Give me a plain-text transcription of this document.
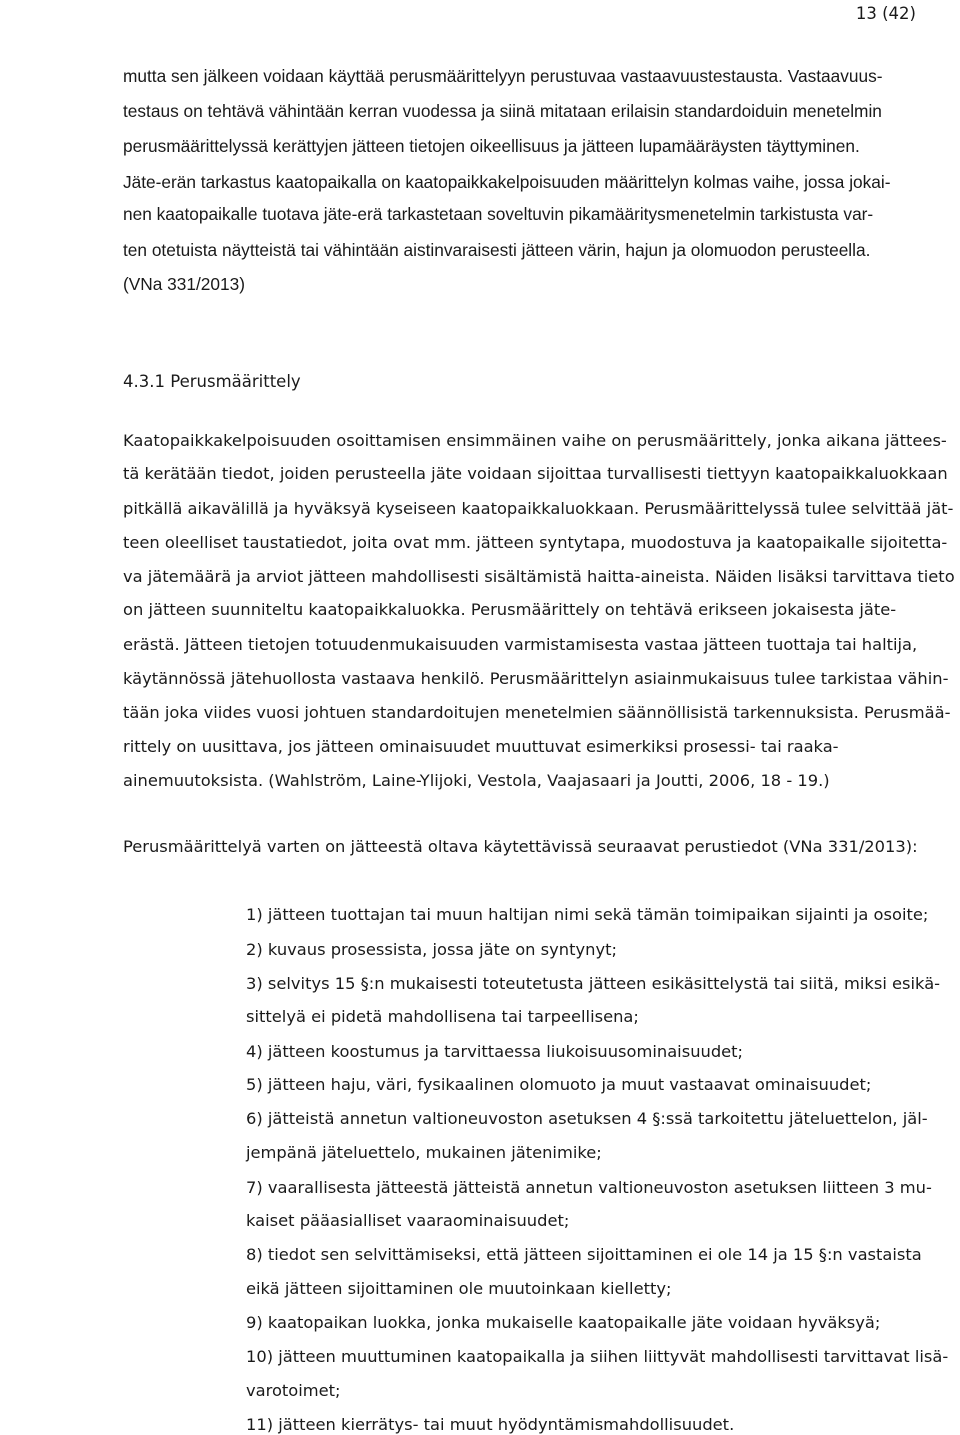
13 (42)
mutta sen jälkeen voidaan käyttää perusmäärittelyyn perustuvaa vastaavuustestausta. Vastaavuus-
testaus on tehtävä vähintään kerran vuodessa ja siinä mitataan erilaisin standardoiduin menetelmin
perusmäärittelyssä kerättyjen jätteen tietojen oikeellisuus ja jätteen lupamääräysten täyttyminen.
Jäte-erän tarkastus kaatopaikalla on kaatopaikkakelpoisuuden määrittelyn kolmas vaihe, jossa jokai-
nen kaatopaikalle tuotava jäte-erä tarkastetaan soveltuvin pikamääritysmenetelmin tarkistusta var-
ten otetuista näytteistä tai vähintään aistinvaraisesti jätteen värin, hajun ja olomuodon perusteella.
(VNa 331/2013)
4.3.1 Perusmäärittely
Kaatopaikkakelpoisuuden osoittamisen ensimmäinen vaihe on perusmäärittely, jonka aikana jättees-
tä kerätään tiedot, joiden perusteella jäte voidaan sijoittaa turvallisesti tiettyyn kaatopaikkaluokkaan
pitkällä aikavälillä ja hyväksyä kyseiseen kaatopaikkaluokkaan. Perusmäärittelyssä tulee selvittää jät-
teen oleelliset taustatiedot, joita ovat mm. jätteen syntytapa, muodostuva ja kaatopaikalle sijoitetta-
va jätemäärä ja arviot jätteen mahdollisesti sisältämistä haitta-aineista. Näiden lisäksi tarvittava tieto
on jätteen suunniteltu kaatopaikkaluokka. Perusmäärittely on tehtävä erikseen jokaisesta jäte-
erästä. Jätteen tietojen totuudenmukaisuuden varmistamisesta vastaa jätteen tuottaja tai haltija,
käytännössä jätehuollosta vastaava henkilö. Perusmäärittelyn asiainmukaisuus tulee tarkistaa vähin-
tään joka viides vuosi johtuen standardoitujen menetelmien säännöllisistä tarkennuksista. Perusmää-
rittely on uusittava, jos jätteen ominaisuudet muuttuvat esimerkiksi prosessi- tai raaka-
ainemuutoksista. (Wahlström, Laine-Ylijoki, Vestola, Vaajasaari ja Joutti, 2006, 18 - 19.)
Perusmäärittelyä varten on jätteestä oltava käytettävissä seuraavat perustiedot (VNa 331/2013):
1) jätteen tuottajan tai muun haltijan nimi sekä tämän toimipaikan sijainti ja osoite;
2) kuvaus prosessista, jossa jäte on syntynyt;
3) selvitys 15 §:n mukaisesti toteutetusta jätteen esikäsittelystä tai siitä, miksi esikä-
sittelyä ei pidetä mahdollisena tai tarpeellisena;
4) jätteen koostumus ja tarvittaessa liukoisuusominaisuudet;
5) jätteen haju, väri, fysikaalinen olomuoto ja muut vastaavat ominaisuudet;
6) jätteistä annetun valtioneuvoston asetuksen 4 §:ssä tarkoitettu jäteluettelon, jäl-
jempänä jäteluettelo, mukainen jätenimike;
7) vaarallisesta jätteestä jätteistä annetun valtioneuvoston asetuksen liitteen 3 mu-
kaiset pääasialliset vaaraominaisuudet;
8) tiedot sen selvittämiseksi, että jätteen sijoittaminen ei ole 14 ja 15 §:n vastaista
eikä jätteen sijoittaminen ole muutoinkaan kielletty;
9) kaatopaikan luokka, jonka mukaiselle kaatopaikalle jäte voidaan hyväksyä;
10) jätteen muuttuminen kaatopaikalla ja siihen liittyvät mahdollisesti tarvittavat lisä-
varotoimet;
11) jätteen kierrätys- tai muut hyödyntämismahdollisuudet.
